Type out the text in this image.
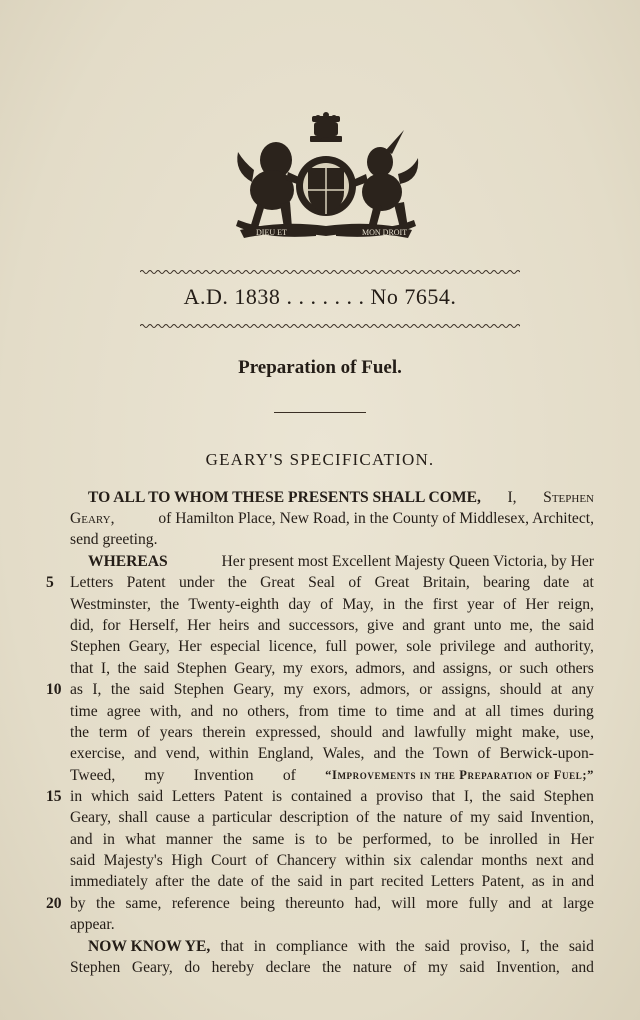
DIEU ET	MON DROIT
A.D. 1838 . . . . . . . No 7654.
Preparation of Fuel.
GEARY'S SPECIFICATION.
TO ALL TO WHOM THESE PRESENTS SHALL COME, I, Stephen
Geary,	of Hamilton Place, New Road, in the County of Middlesex, Architect,
send greeting.
WHEREAS	Her present most Excellent Majesty Queen Victoria, by Her
Letters Patent under the Great Seal of Great Britain, bearing date at
Westminster, the Twenty-eighth day of May, in the first year of Her reign,
did, for Herself, Her heirs and successors, give and grant unto me, the said
Stephen Geary, Her especial licence, full power, sole privilege and authority,
that I, the said Stephen Geary, my exors, admors, and assigns, or such others
as I, the said Stephen Geary, my exors, admors, or assigns, should at any
time agree with, and no others, from time to time and at all times during
the term of years therein expressed, should and lawfully might make, use,
exercise, and vend, within England, Wales, and the Town of Berwick-upon-
Tweed, my Invention of “Improvements in the Preparation of Fuel;”
in which said Letters Patent is contained a proviso that I, the said Stephen
Geary, shall cause a particular description of the nature of my said Invention,
and in what manner the same is to be performed, to be inrolled in Her
said Majesty's High Court of Chancery within six calendar months next and
immediately after the date of the said in part recited Letters Patent, as in and
by the same, reference being thereunto had, will more fully and at large
appear.
NOW KNOW YE, that in compliance with the said proviso, I, the said
Stephen Geary, do hereby declare the nature of my said Invention, and
5
10
15
20
